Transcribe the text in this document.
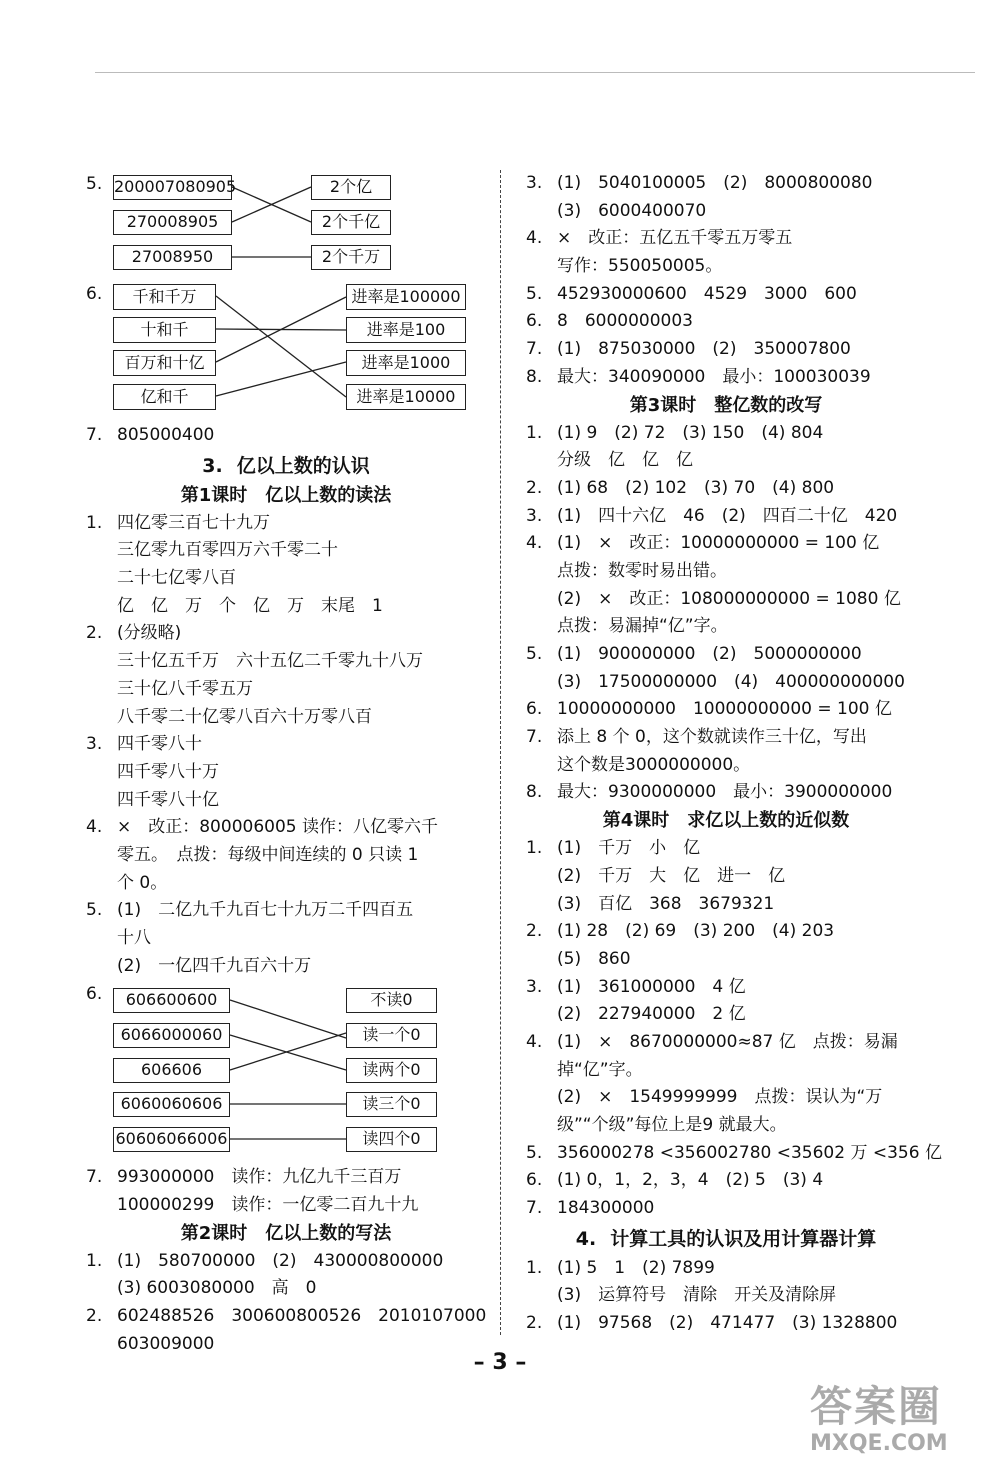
5. 200007080905
270008905
27008950
2个亿
2个千亿
2个千万
6.	千和千万
十和千
百万和十亿
亿和千
进率是100000
进率是100
进率是1000
进率是10000
7. 805000400
3. 亿以上数的认识
第1课时　亿以上数的读法
1. 四亿零三百七十九万
三亿零九百零四万六千零二十
二十七亿零八百
亿　亿　万　个　亿　万　末尾　1
2. (分级略)
三十亿五千万　六十五亿二千零九十八万
三十亿八千零五万
八千零二十亿零八百六十万零八百
3. 四千零八十
四千零八十万
四千零八十亿
4. ×　改正：800006005 读作：八亿零六千
零五。　点拨：每级中间连续的 0 只读 1
个 0。
5. (1)　二亿九千九百七十九万二千四百五
十八
(2)　一亿四千九百六十万
6.	606600600
6066000060
606606
6060060606
60606066006
不读0
读一个0
读两个0
读三个0
读四个0
7. 993000000　读作：九亿九千三百万
100000299　读作：一亿零二百九十九
第2课时　亿以上数的写法
1. (1)　580700000　(2)　430000800000
(3) 6003080000　高　0
2. 602488526　300600800526　2010107000
603009000
3. (1)　5040100005　(2)　8000800080
(3)　6000400070
4. ×　改正：五亿五千零五万零五
写作：550050005。
5. 452930000600　4529　3000　600
6. 8　6000000003
7. (1)　875030000　(2)　350007800
8. 最大：340090000　最小：100030039
第3课时　整亿数的改写
1. (1) 9　(2) 72　(3) 150　(4) 804
分级　亿　亿　亿
2. (1) 68　(2) 102　(3) 70　(4) 800
3. (1)　四十六亿　46　(2)　四百二十亿　420
4. (1)　×　改正：10000000000 = 100 亿
点拨：数零时易出错。
(2)　×　改正：108000000000 = 1080 亿
点拨：易漏掉“亿”字。
5. (1)　900000000　(2)　5000000000
(3)　17500000000　(4)　400000000000
6. 10000000000　10000000000 = 100 亿
7. 添上 8 个 0，这个数就读作三十亿，写出
这个数是3000000000。
8. 最大：9300000000　最小：3900000000
第4课时　求亿以上数的近似数
1. (1)　千万　小　亿
(2)　千万　大　亿　进一　亿
(3)　百亿　368　3679321
2. (1) 28　(2) 69　(3) 200　(4) 203
(5)　860
3. (1)　361000000　4 亿
(2)　227940000　2 亿
4. (1)　×　8670000000≈87 亿　点拨：易漏
掉“亿”字。
(2)　×　1549999999　点拨：误认为“万
级”“个级”每位上是9 就最大。
5. 356000278 <356002780 <35602 万 <356 亿
6. (1) 0，1，2，3，4　(2) 5　(3) 4
7. 184300000
4. 计算工具的认识及用计算器计算
1. (1) 5　1　(2) 7899
(3)　运算符号　清除　开关及清除屏
2. (1)　97568　(2)　471477　(3) 1328800
– 3 –
答案圈
MXQE.COM
